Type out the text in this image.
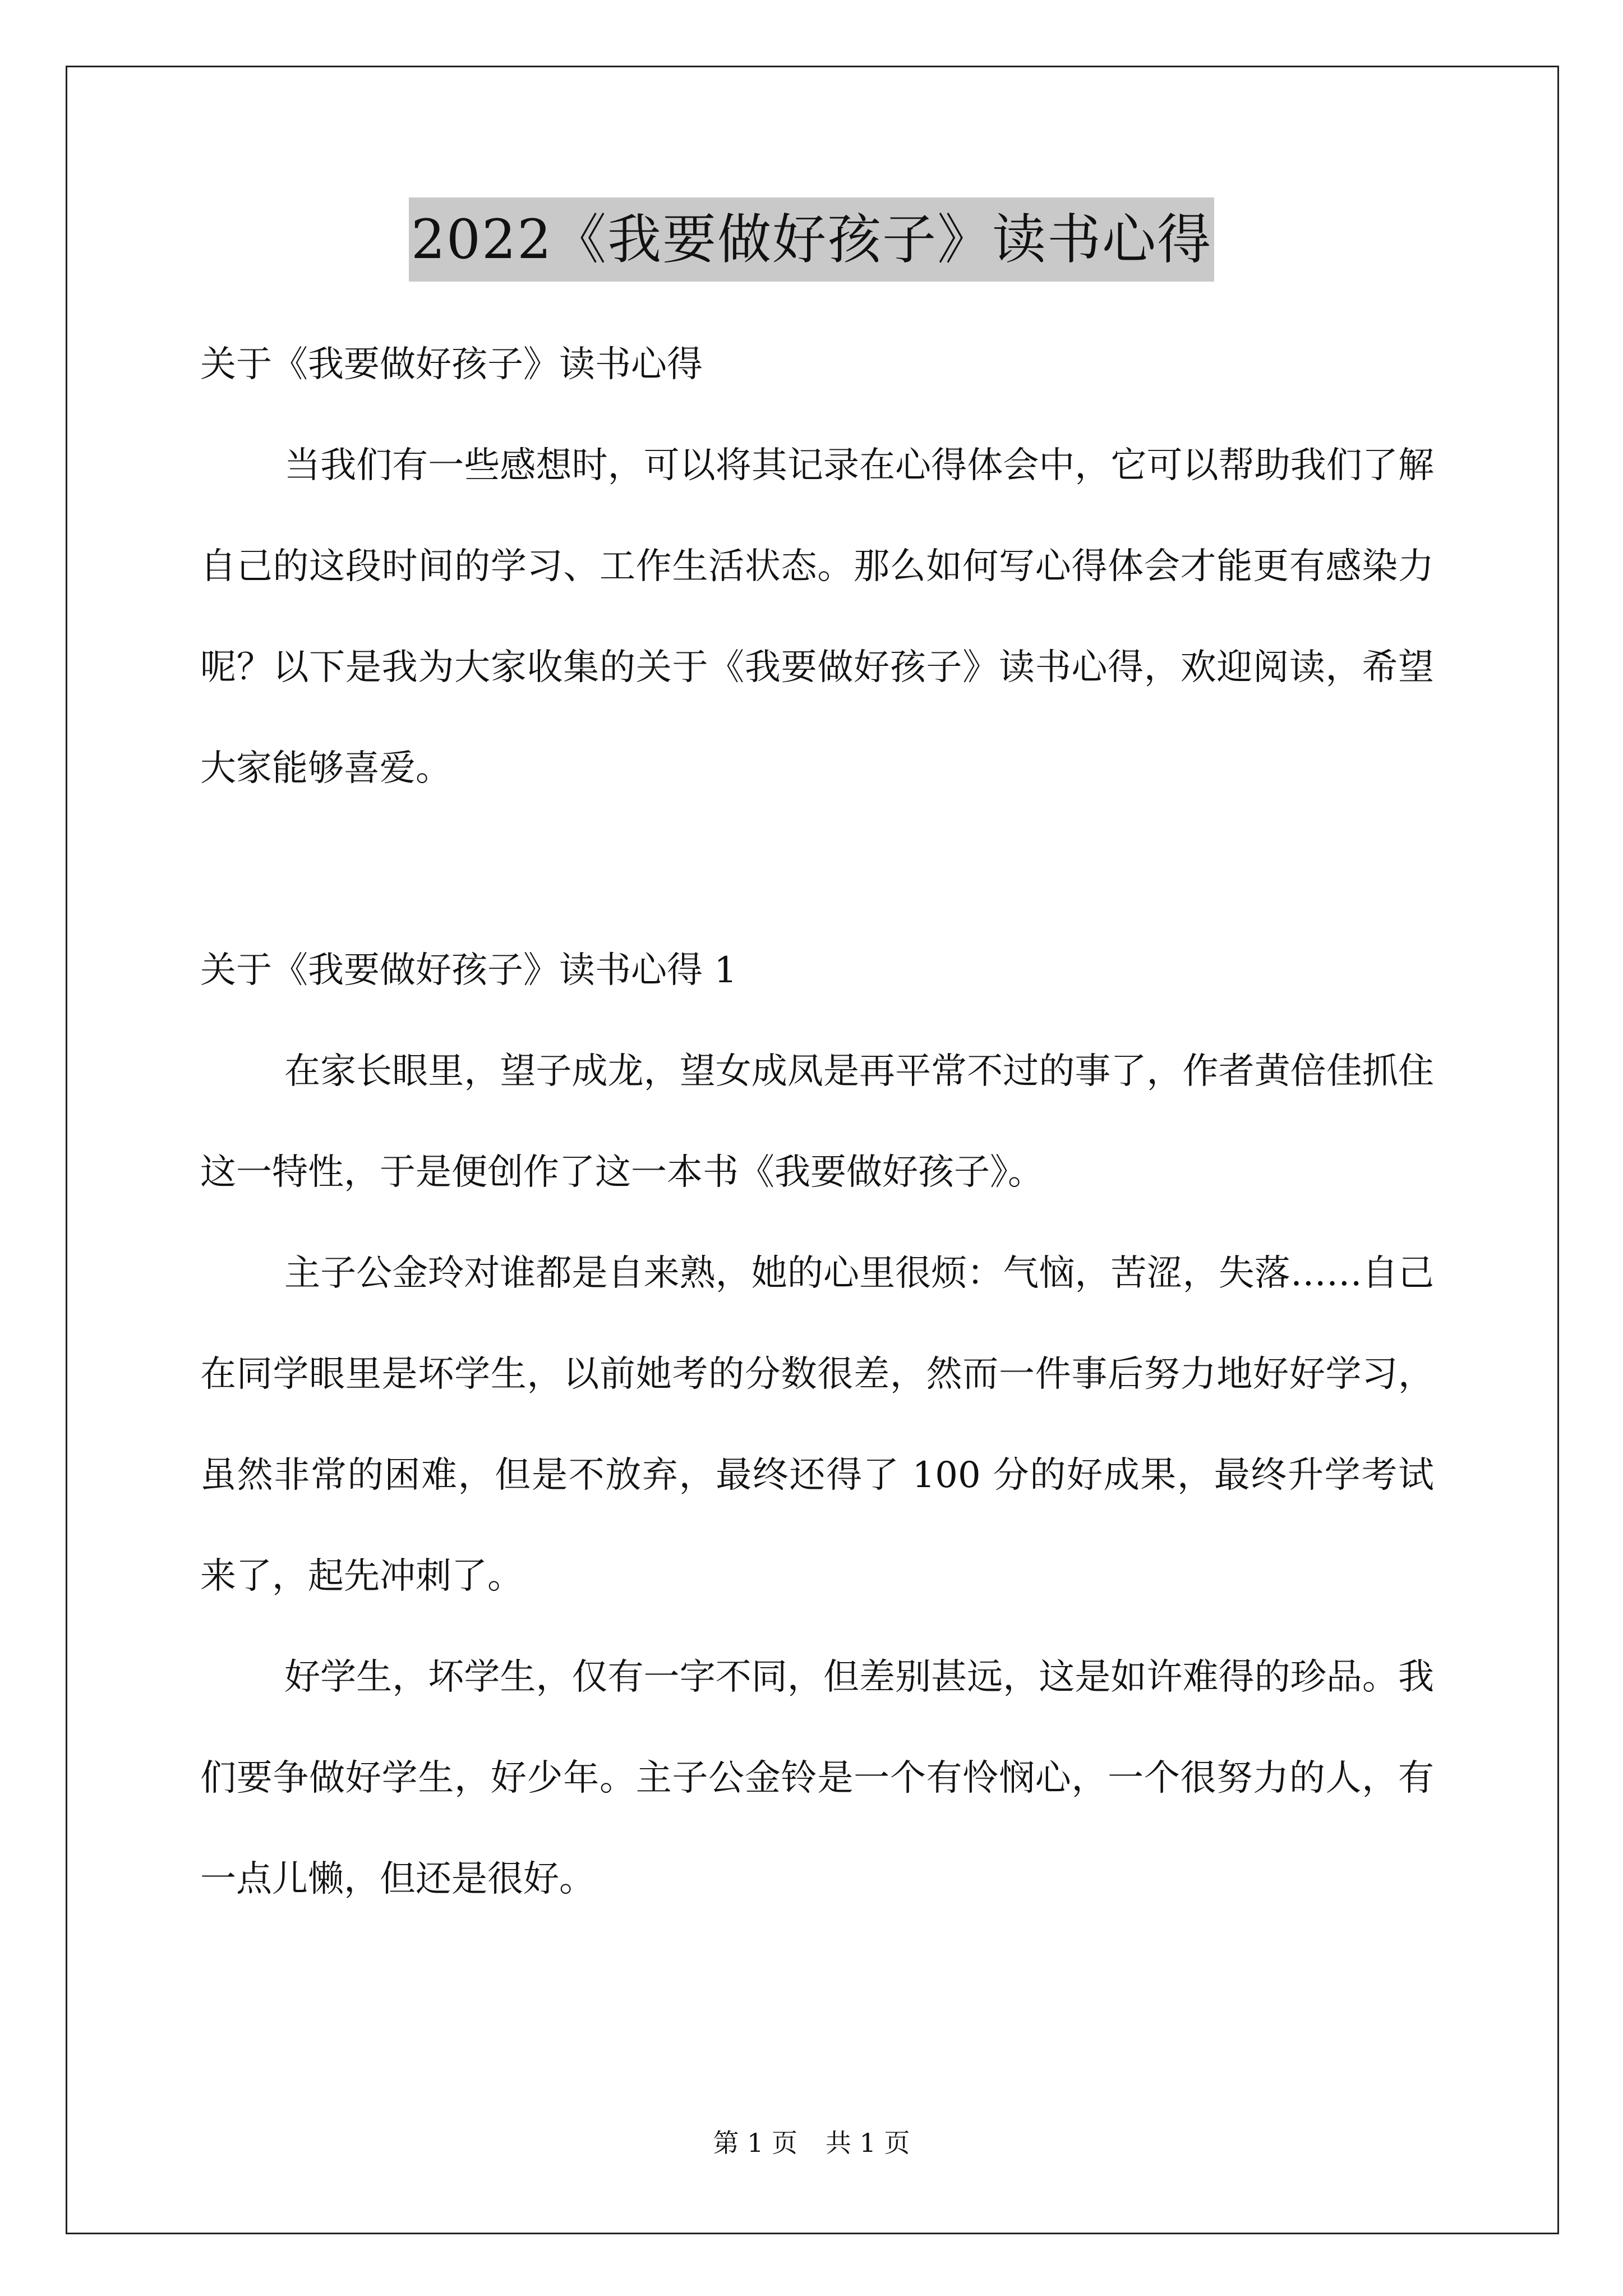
2022《我要做好孩子》读书心得
关于《我要做好孩子》读书心得

当我们有一些感想时，可以将其记录在心得体会中，它可以帮助我们了解自己的这段时间的学习、工作生活状态。那么如何写心得体会才能更有感染力呢？以下是我为大家收集的关于《我要做好孩子》读书心得，欢迎阅读，希望大家能够喜爱。

关于《我要做好孩子》读书心得 1

在家长眼里，望子成龙，望女成凤是再平常不过的事了，作者黄倍佳抓住这一特性，于是便创作了这一本书《我要做好孩子》。

主子公金玲对谁都是自来熟，她的心里很烦：气恼，苦涩，失落……自己在同学眼里是坏学生，以前她考的分数很差，然而一件事后努力地好好学习，虽然非常的困难，但是不放弃，最终还得了 100 分的好成果，最终升学考试来了，起先冲刺了。

好学生，坏学生，仅有一字不同，但差别甚远，这是如许难得的珍品。我们要争做好学生，好少年。主子公金铃是一个有怜悯心，一个很努力的人，有一点儿懒，但还是很好。

第 1 页 共 1 页
